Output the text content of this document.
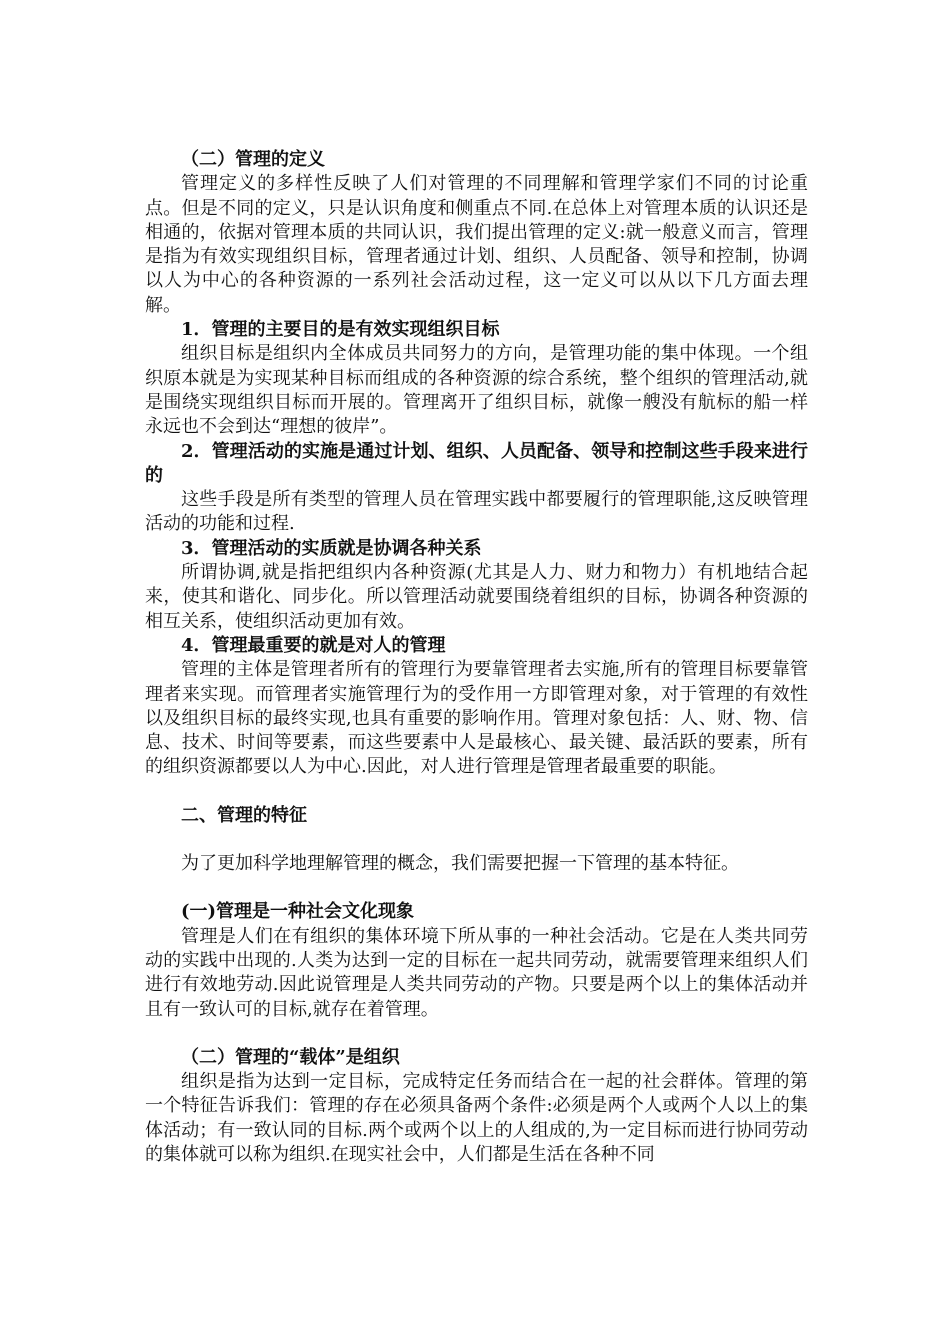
（二）管理的定义

管理定义的多样性反映了人们对管理的不同理解和管理学家们不同的讨论重点。但是不同的定义，只是认识角度和侧重点不同.在总体上对管理本质的认识还是相通的，依据对管理本质的共同认识，我们提出管理的定义:就一般意义而言，管理是指为有效实现组织目标，管理者通过计划、组织、人员配备、领导和控制，协调以人为中心的各种资源的一系列社会活动过程，这一定义可以从以下几方面去理解。

1．管理的主要目的是有效实现组织目标

组织目标是组织内全体成员共同努力的方向，是管理功能的集中体现。一个组织原本就是为实现某种目标而组成的各种资源的综合系统，整个组织的管理活动,就是围绕实现组织目标而开展的。管理离开了组织目标，就像一艘没有航标的船一样永远也不会到达“理想的彼岸”。

2．管理活动的实施是通过计划、组织、人员配备、领导和控制这些手段来进行的

这些手段是所有类型的管理人员在管理实践中都要履行的管理职能,这反映管理活动的功能和过程.

3．管理活动的实质就是协调各种关系

所谓协调,就是指把组织内各种资源(尤其是人力、财力和物力）有机地结合起来，使其和谐化、同步化。所以管理活动就要围绕着组织的目标，协调各种资源的相互关系，使组织活动更加有效。

4．管理最重要的就是对人的管理

管理的主体是管理者所有的管理行为要靠管理者去实施,所有的管理目标要靠管理者来实现。而管理者实施管理行为的受作用一方即管理对象，对于管理的有效性以及组织目标的最终实现,也具有重要的影响作用。管理对象包括：人、财、物、信息、技术、时间等要素，而这些要素中人是最核心、最关键、最活跃的要素，所有的组织资源都要以人为中心.因此，对人进行管理是管理者最重要的职能。

二、管理的特征

为了更加科学地理解管理的概念，我们需要把握一下管理的基本特征。

(一)管理是一种社会文化现象

管理是人们在有组织的集体环境下所从事的一种社会活动。它是在人类共同劳动的实践中出现的.人类为达到一定的目标在一起共同劳动，就需要管理来组织人们进行有效地劳动.因此说管理是人类共同劳动的产物。只要是两个以上的集体活动并且有一致认可的目标,就存在着管理。

（二）管理的“载体”是组织

组织是指为达到一定目标，完成特定任务而结合在一起的社会群体。管理的第一个特征告诉我们：管理的存在必须具备两个条件:必须是两个人或两个人以上的集体活动；有一致认同的目标.两个或两个以上的人组成的,为一定目标而进行协同劳动的集体就可以称为组织.在现实社会中，人们都是生活在各种不同
